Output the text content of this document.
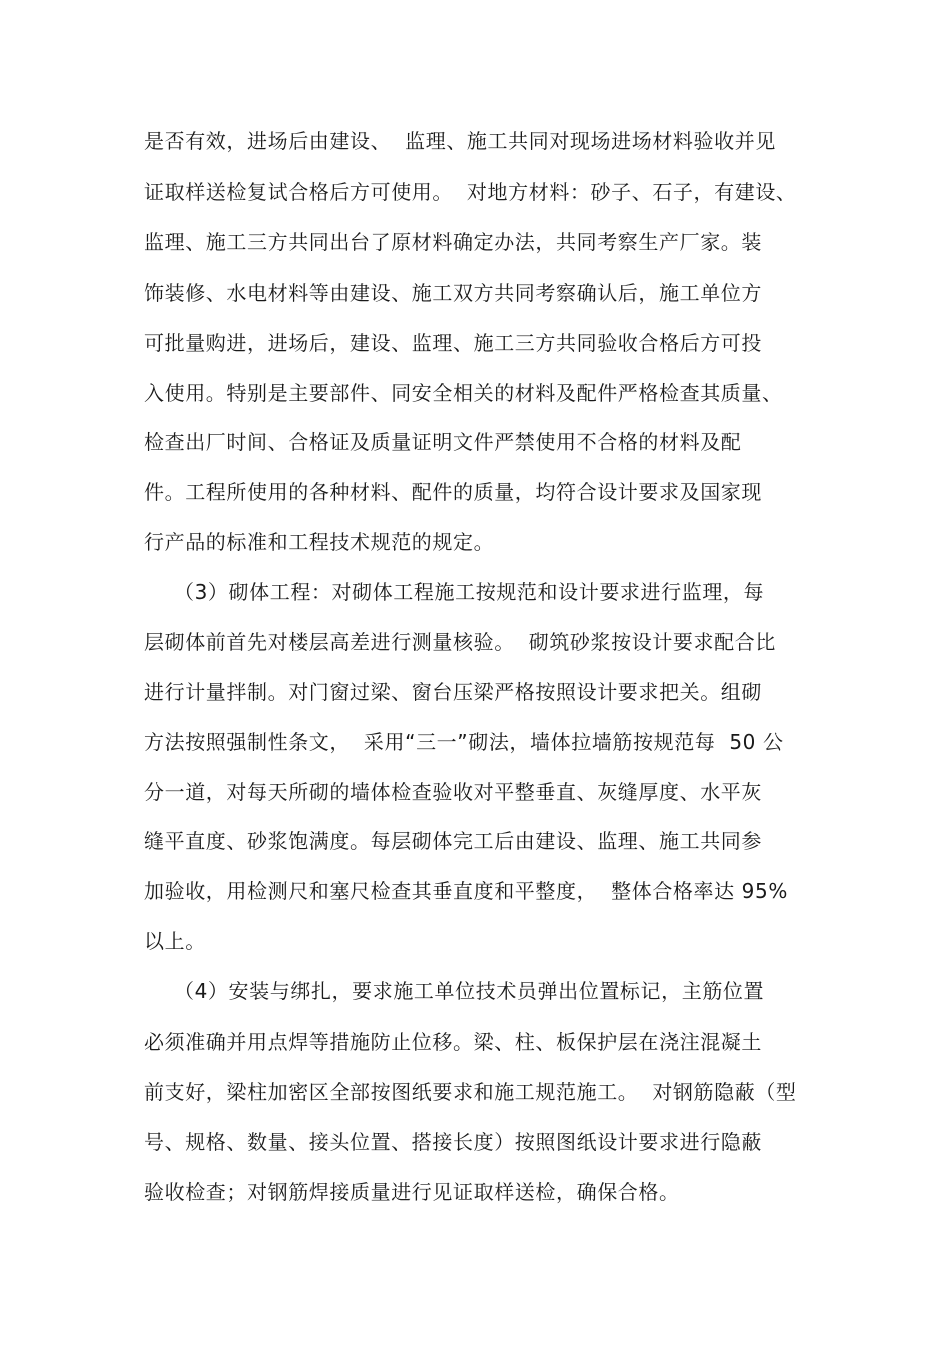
是否有效，进场后由建设、  监理、施工共同对现场进场材料验收并见
证取样送检复试合格后方可使用。  对地方材料：砂子、石子，有建设、
监理、施工三方共同出台了原材料确定办法，共同考察生产厂家。装
饰装修、水电材料等由建设、施工双方共同考察确认后，施工单位方
可批量购进，进场后，建设、监理、施工三方共同验收合格后方可投
入使用。特别是主要部件、同安全相关的材料及配件严格检查其质量、
检查出厂时间、合格证及质量证明文件严禁使用不合格的材料及配
件。工程所使用的各种材料、配件的质量，均符合设计要求及国家现
行产品的标准和工程技术规范的规定。
（3）砌体工程：对砌体工程施工按规范和设计要求进行监理，每
层砌体前首先对楼层高差进行测量核验。  砌筑砂浆按设计要求配合比
进行计量拌制。对门窗过梁、窗台压梁严格按照设计要求把关。组砌
方法按照强制性条文，  采用“三一”砌法，墙体拉墙筋按规范每  50 公
分一道，对每天所砌的墙体检查验收对平整垂直、灰缝厚度、水平灰
缝平直度、砂浆饱满度。每层砌体完工后由建设、监理、施工共同参
加验收，用检测尺和塞尺检查其垂直度和平整度，  整体合格率达 95%
以上。
（4）安装与绑扎，要求施工单位技术员弹出位置标记，主筋位置
必须准确并用点焊等措施防止位移。梁、柱、板保护层在浇注混凝土
前支好，梁柱加密区全部按图纸要求和施工规范施工。  对钢筋隐蔽（型
号、规格、数量、接头位置、搭接长度）按照图纸设计要求进行隐蔽
验收检查；对钢筋焊接质量进行见证取样送检，确保合格。
